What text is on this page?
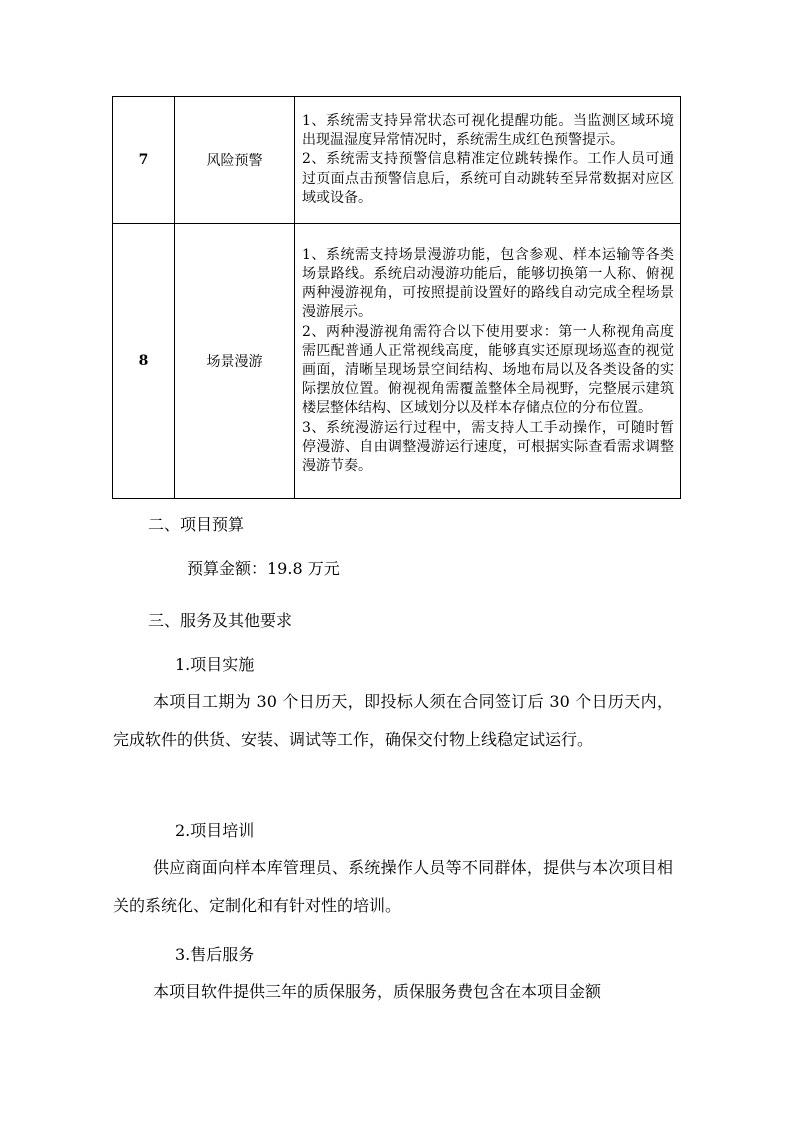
7	风险预警	1、系统需支持异常状态可视化提醒功能。当监测区域环境出现温湿度异常情况时，系统需生成红色预警提示。

2、系统需支持预警信息精准定位跳转操作。工作人员可通过页面点击预警信息后，系统可自动跳转至异常数据对应区域或设备。

8	场景漫游	1、系统需支持场景漫游功能，包含参观、样本运输等各类场景路线。系统启动漫游功能后，能够切换第一人称、俯视两种漫游视角，可按照提前设置好的路线自动完成全程场景漫游展示。

2、两种漫游视角需符合以下使用要求：第一人称视角高度需匹配普通人正常视线高度，能够真实还原现场巡查的视觉画面，清晰呈现场景空间结构、场地布局以及各类设备的实际摆放位置。俯视视角需覆盖整体全局视野，完整展示建筑楼层整体结构、区域划分以及样本存储点位的分布位置。

3、系统漫游运行过程中，需支持人工手动操作，可随时暂停漫游、自由调整漫游运行速度，可根据实际查看需求调整漫游节奏。

二、项目预算
预算金额：19.8 万元
三、服务及其他要求
1.项目实施
本项目工期为 30 个日历天，即投标人须在合同签订后 30 个日历天内，完成软件的供货、安装、调试等工作，确保交付物上线稳定试运行。
2.项目培训
供应商面向样本库管理员、系统操作人员等不同群体，提供与本次项目相关的系统化、定制化和有针对性的培训。
3.售后服务
本项目软件提供三年的质保服务，质保服务费包含在本项目金额
